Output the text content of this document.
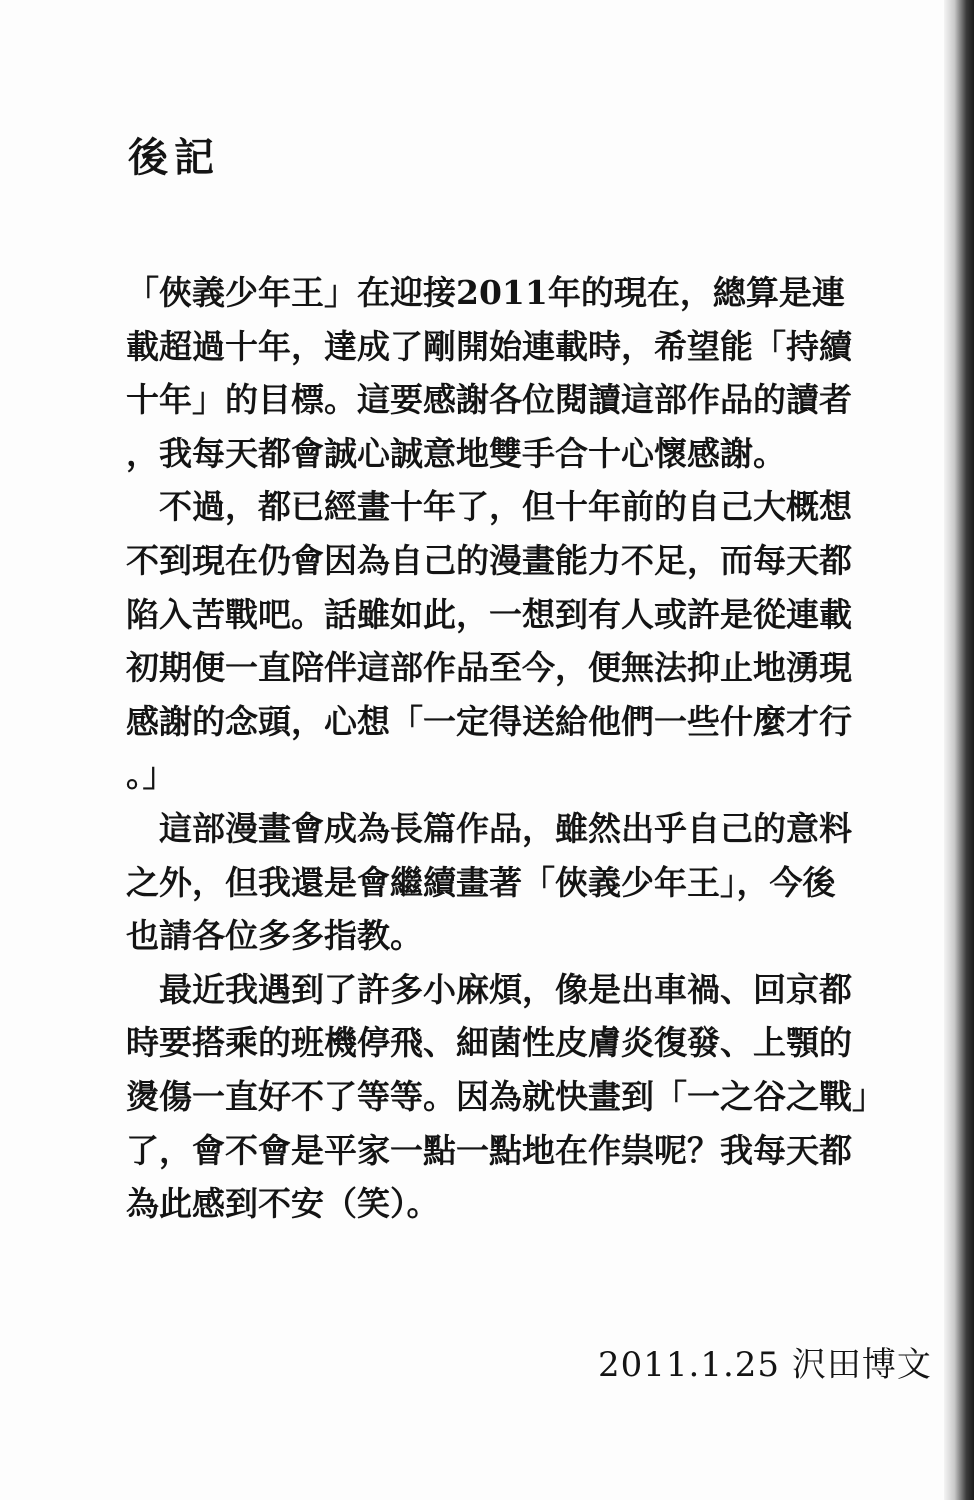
後記
「俠義少年王」在迎接2011年的現在，總算是連
載超過十年，達成了剛開始連載時，希望能「持續
十年」的目標。這要感謝各位閱讀這部作品的讀者
，我每天都會誠心誠意地雙手合十心懷感謝。
　不過，都已經畫十年了，但十年前的自己大概想
不到現在仍會因為自己的漫畫能力不足，而每天都
陷入苦戰吧。話雖如此，一想到有人或許是從連載
初期便一直陪伴這部作品至今，便無法抑止地湧現
感謝的念頭，心想「一定得送給他們一些什麼才行
。」
　這部漫畫會成為長篇作品，雖然出乎自己的意料
之外，但我還是會繼續畫著「俠義少年王」，今後
也請各位多多指教。
　最近我遇到了許多小麻煩，像是出車禍、回京都
時要搭乘的班機停飛、細菌性皮膚炎復發、上顎的
燙傷一直好不了等等。因為就快畫到「一之谷之戰」
了，會不會是平家一點一點地在作祟呢？我每天都
為此感到不安（笑）。
2011.1.25 沢田博文
